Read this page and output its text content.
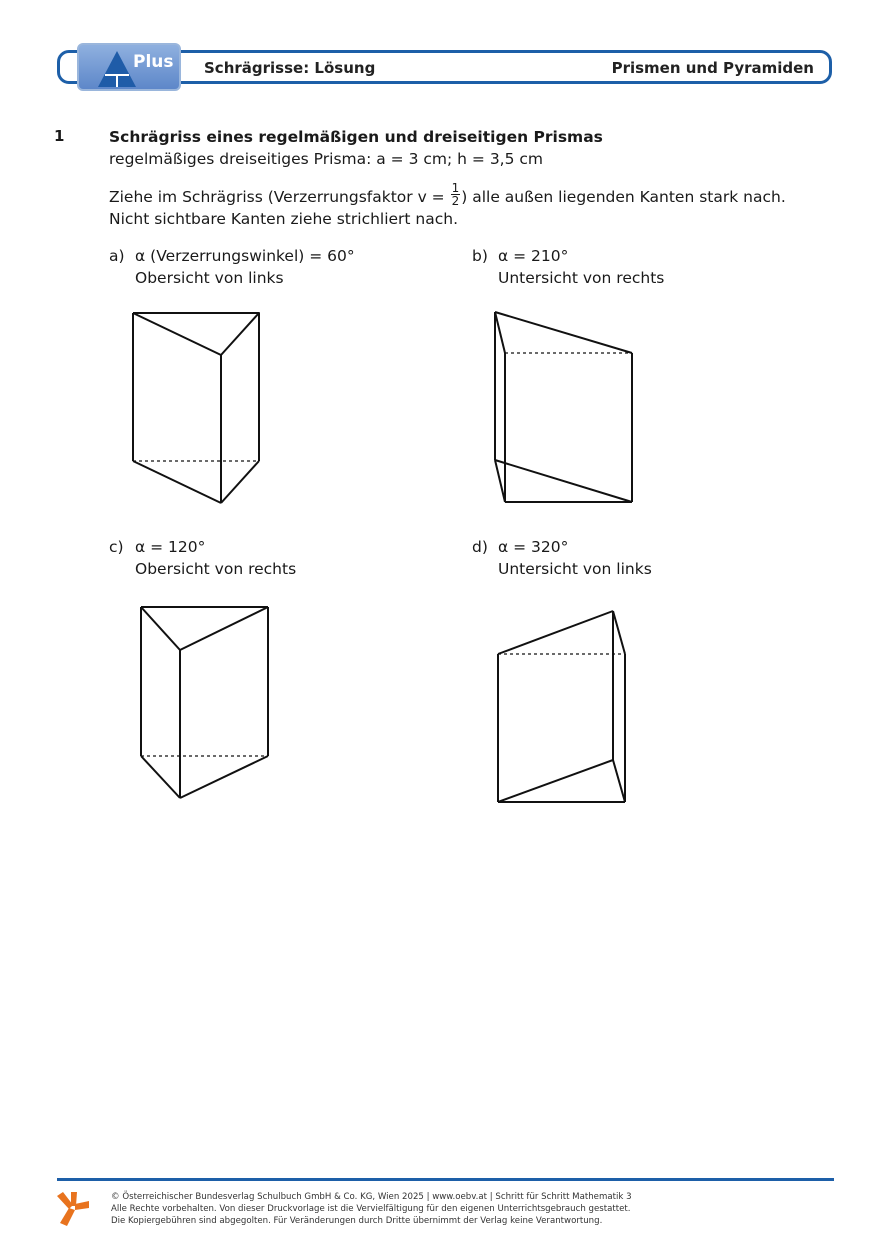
Plus Schrägrisse: Lösung	Prismen und Pyramiden
1	Schrägriss eines regelmäßigen und dreiseitigen Prismas
regelmäßiges dreiseitiges Prisma: a = 3 cm; h = 3,5 cm
Ziehe im Schrägriss (Verzerrungsfaktor $v = \frac{1}{2}$ ) alle außen liegenden Kanten stark nach.
Nicht sichtbare Kanten ziehe strichliert nach.
a) α (Verzerrungswinkel) = 60°
Obersicht von links
b) α = 210°
Untersicht von rechts
c) α = 120°
Obersicht von rechts
d) α = 320°
Untersicht von links
© Österreichischer Bundesverlag Schulbuch GmbH & Co. KG, Wien 2025 | www.oebv.at | Schritt für Schritt Mathematik 3
Alle Rechte vorbehalten. Von dieser Druckvorlage ist die Vervielfältigung für den eigenen Unterrichtsgebrauch gestattet.
Die Kopiergebühren sind abgegolten. Für Veränderungen durch Dritte übernimmt der Verlag keine Verantwortung.
